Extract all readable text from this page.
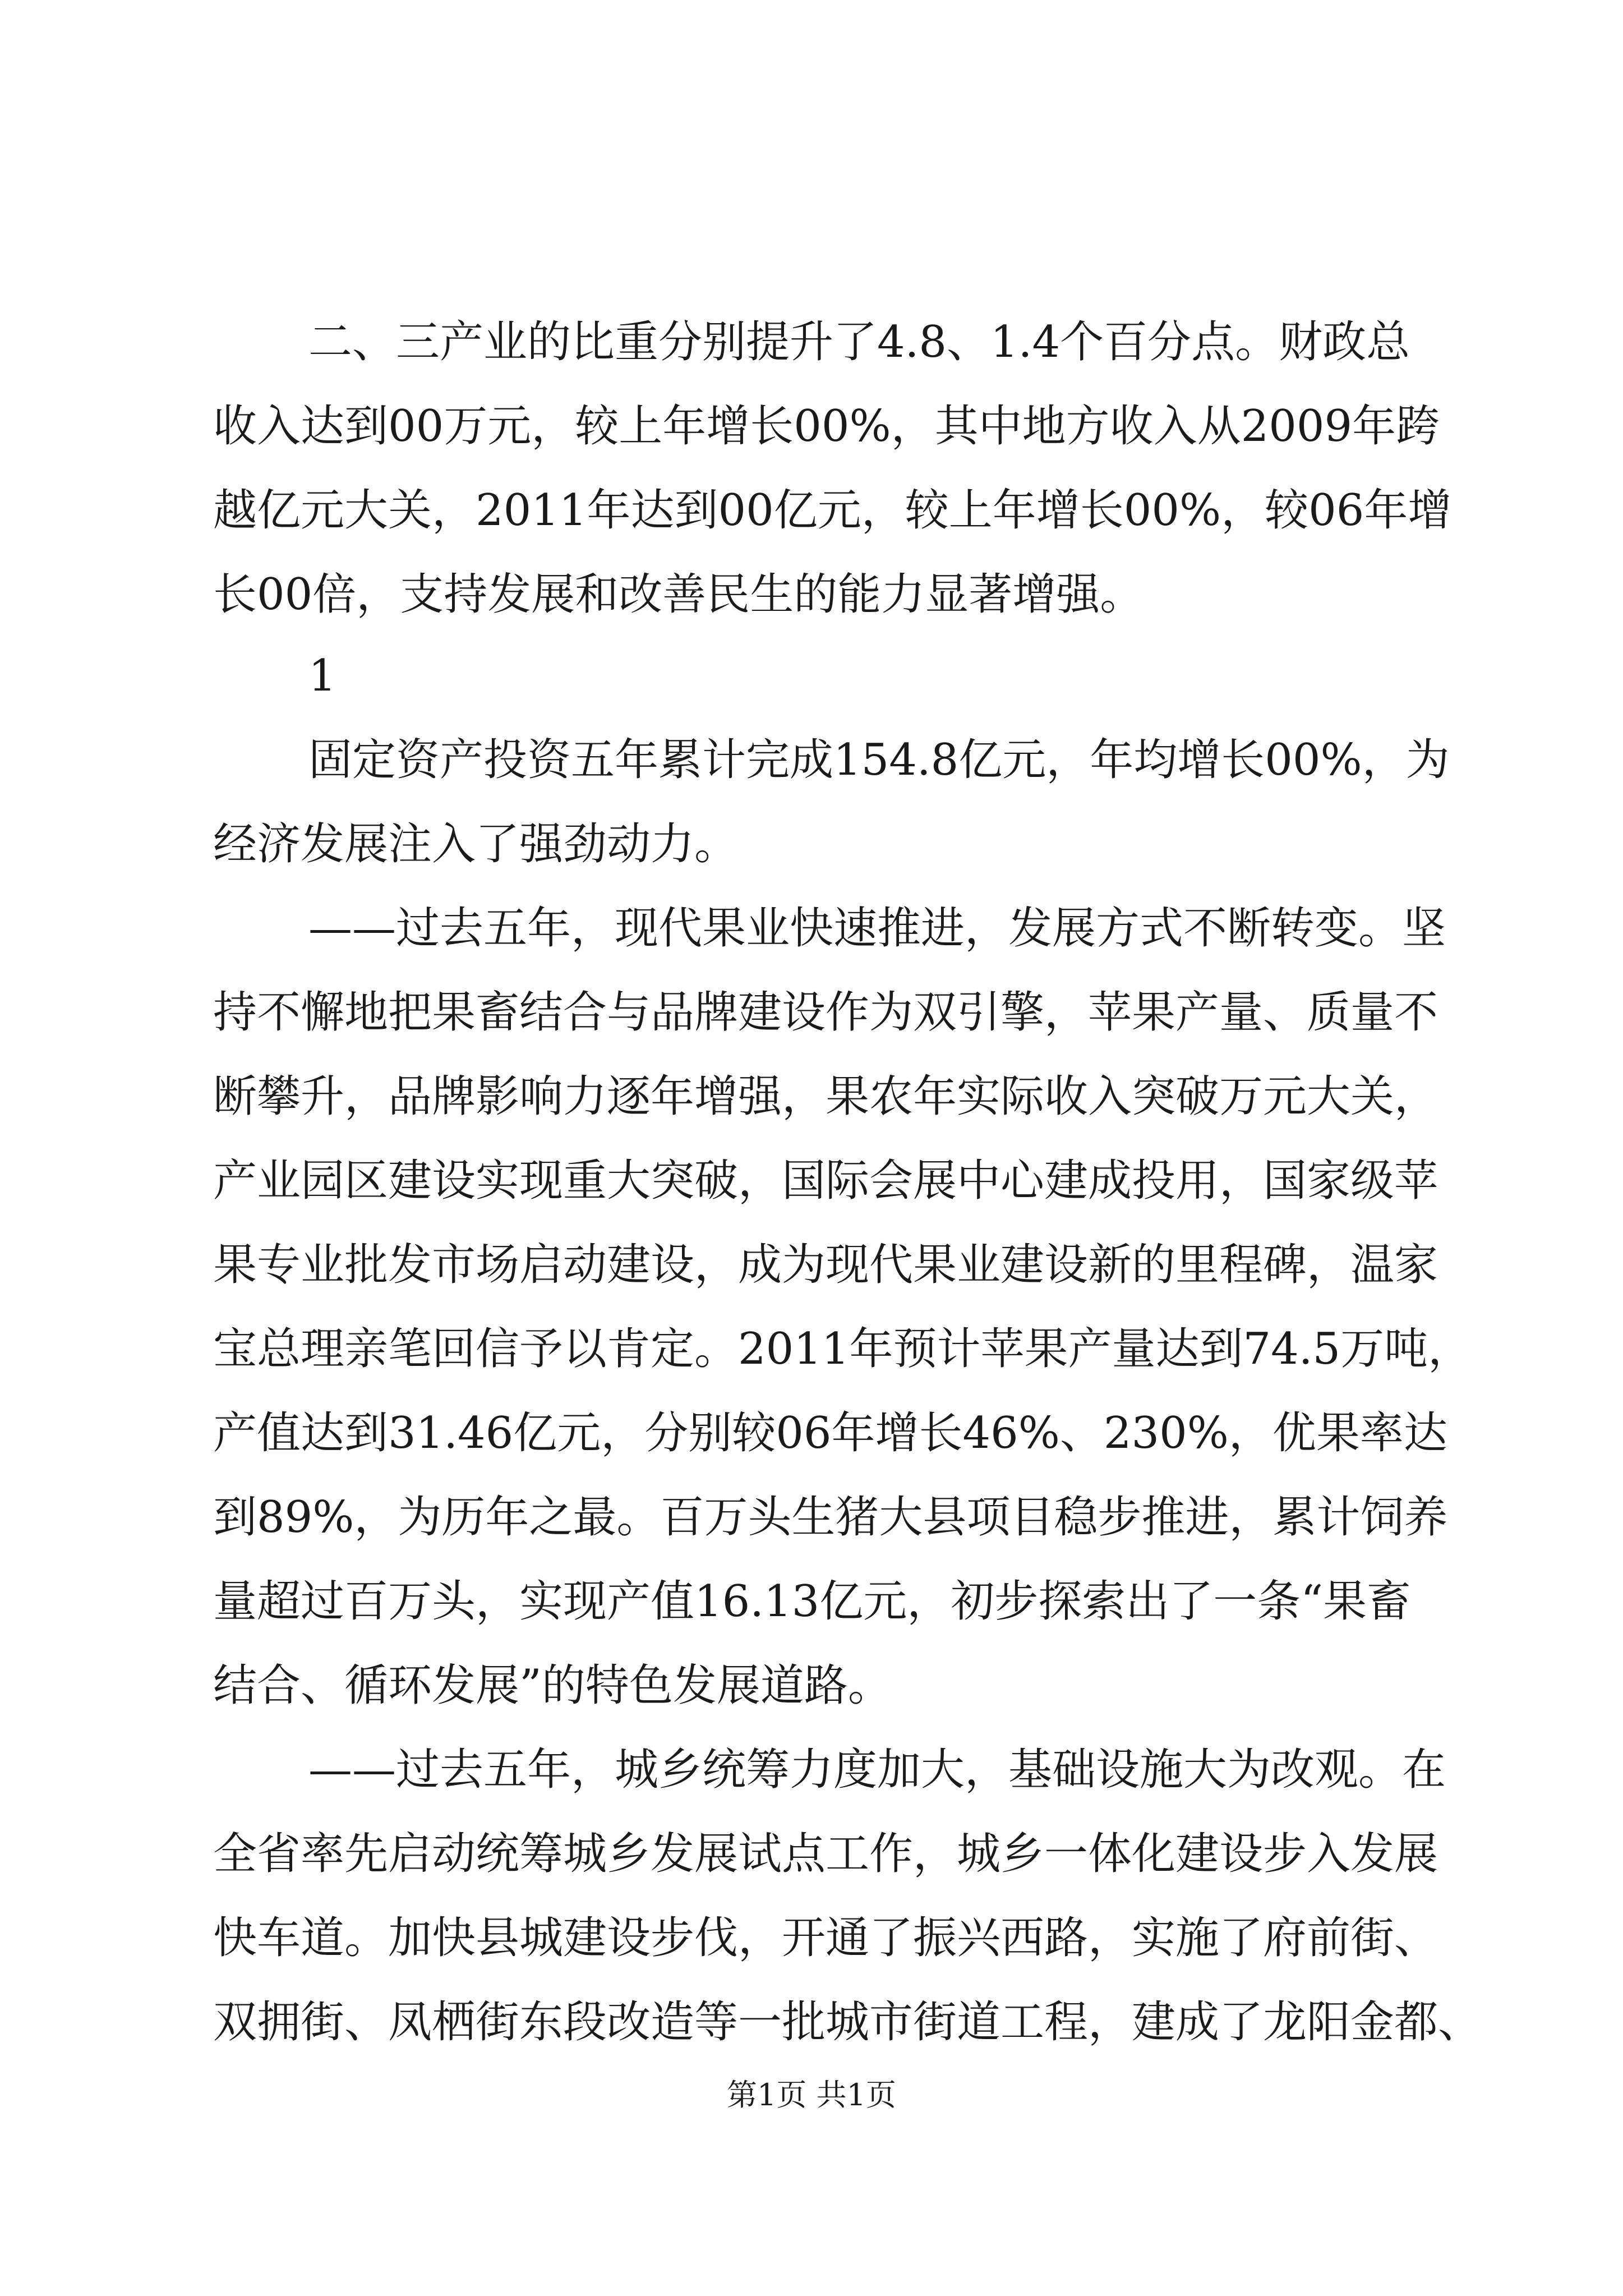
二、三产业的比重分别提升了4.8、1.4个百分点。财政总
收入达到00万元，较上年增长00%，其中地方收入从2009年跨
越亿元大关，2011年达到00亿元，较上年增长00%，较06年增
长00倍，支持发展和改善民生的能力显著增强。
1
固定资产投资五年累计完成154.8亿元，年均增长00%，为
经济发展注入了强劲动力。
——过去五年，现代果业快速推进，发展方式不断转变。坚
持不懈地把果畜结合与品牌建设作为双引擎，苹果产量、质量不
断攀升，品牌影响力逐年增强，果农年实际收入突破万元大关，
产业园区建设实现重大突破，国际会展中心建成投用，国家级苹
果专业批发市场启动建设，成为现代果业建设新的里程碑，温家
宝总理亲笔回信予以肯定。2011年预计苹果产量达到74.5万吨，
产值达到31.46亿元，分别较06年增长46%、230%，优果率达
到89%，为历年之最。百万头生猪大县项目稳步推进，累计饲养
量超过百万头，实现产值16.13亿元，初步探索出了一条“果畜
结合、循环发展”的特色发展道路。
——过去五年，城乡统筹力度加大，基础设施大为改观。在
全省率先启动统筹城乡发展试点工作，城乡一体化建设步入发展
快车道。加快县城建设步伐，开通了振兴西路，实施了府前街、
双拥街、凤栖街东段改造等一批城市街道工程，建成了龙阳金都、
第1页 共1页
